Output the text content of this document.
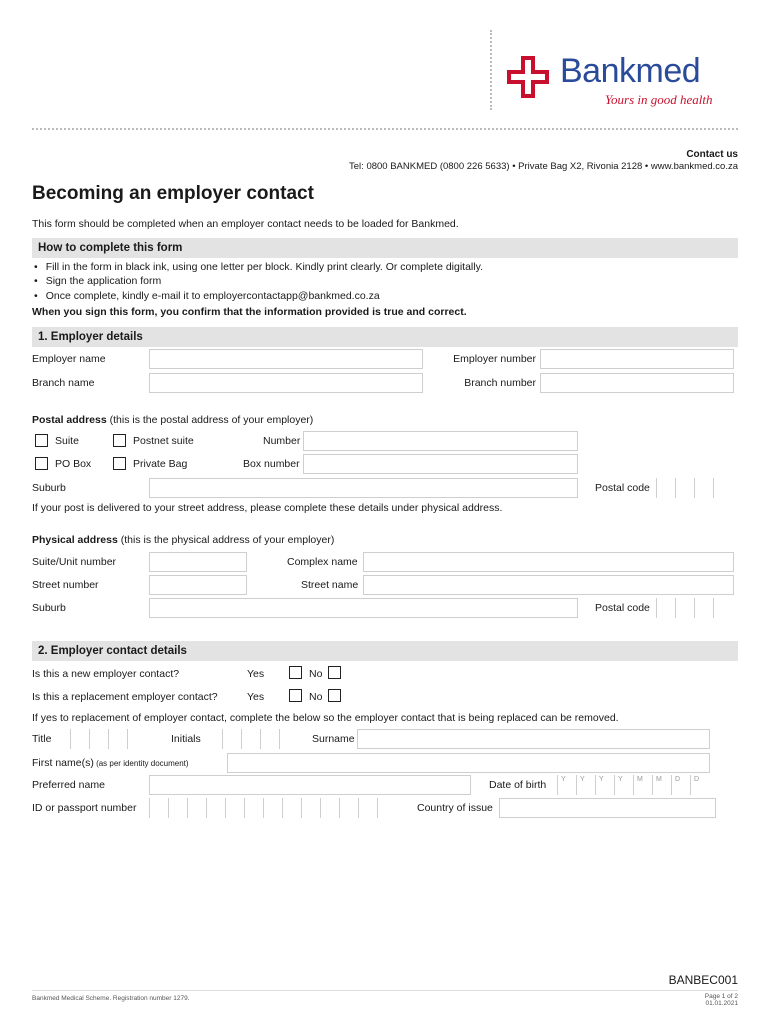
Bankmed
Yours in good health
Contact us
Tel: 0800 BANKMED (0800 226 5633) • Private Bag X2, Rivonia 2128 • www.bankmed.co.za
Becoming an employer contact
This form should be completed when an employer contact needs to be loaded for Bankmed.
How to complete this form
• Fill in the form in black ink, using one letter per block. Kindly print clearly. Or complete digitally.
• Sign the application form
• Once complete, kindly e-mail it to employercontactapp@bankmed.co.za
When you sign this form, you confirm that the information provided is true and correct.
1. Employer details
Employer name	Employer number
Branch name	Branch number
Postal address (this is the postal address of your employer)
Suite	Postnet suite	Number
PO Box	Private Bag	Box number
Suburb	Postal code
If your post is delivered to your street address, please complete these details under physical address.
Physical address (this is the physical address of your employer)
Suite/Unit number	Complex name
Street number	Street name
Suburb	Postal code
2. Employer contact details
Is this a new employer contact?	Yes	No
Is this a replacement employer contact?	Yes	No
If yes to replacement of employer contact, complete the below so the employer contact that is being replaced can be removed.
Title	Initials	Surname
First name(s) (as per identity document)
Preferred name	Date of birth	Y	Y	Y	Y	M	M	D	D
ID or passport number	Country of issue
BANBEC001
Bankmed Medical Scheme. Registration number 1279.	Page 1 of 2
01.01.2021
